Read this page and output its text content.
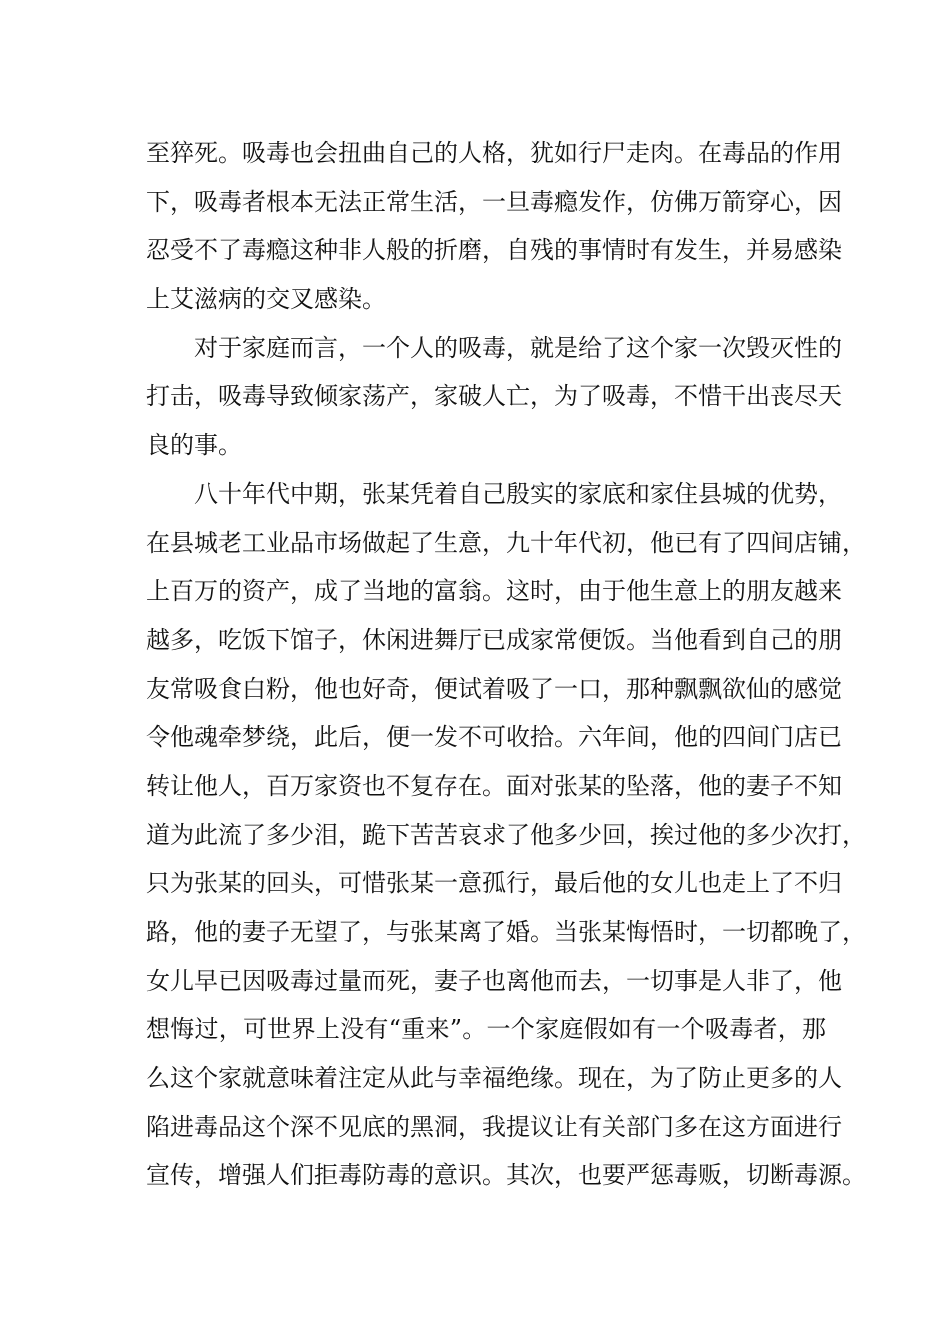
至猝死。吸毒也会扭曲自己的人格，犹如行尸走肉。在毒品的作用
下，吸毒者根本无法正常生活，一旦毒瘾发作，仿佛万箭穿心，因
忍受不了毒瘾这种非人般的折磨，自残的事情时有发生，并易感染
上艾滋病的交叉感染。
对于家庭而言，一个人的吸毒，就是给了这个家一次毁灭性的
打击，吸毒导致倾家荡产，家破人亡，为了吸毒，不惜干出丧尽天
良的事。
八十年代中期，张某凭着自己殷实的家底和家住县城的优势，
在县城老工业品市场做起了生意，九十年代初，他已有了四间店铺，
上百万的资产，成了当地的富翁。这时，由于他生意上的朋友越来
越多，吃饭下馆子，休闲进舞厅已成家常便饭。当他看到自己的朋
友常吸食白粉，他也好奇，便试着吸了一口，那种飘飘欲仙的感觉
令他魂牵梦绕，此后，便一发不可收拾。六年间，他的四间门店已
转让他人，百万家资也不复存在。面对张某的坠落，他的妻子不知
道为此流了多少泪，跪下苦苦哀求了他多少回，挨过他的多少次打，
只为张某的回头，可惜张某一意孤行，最后他的女儿也走上了不归
路，他的妻子无望了，与张某离了婚。当张某悔悟时，一切都晚了，
女儿早已因吸毒过量而死，妻子也离他而去，一切事是人非了，他
想悔过，可世界上没有“重来”。一个家庭假如有一个吸毒者，那
么这个家就意味着注定从此与幸福绝缘。现在，为了防止更多的人
陷进毒品这个深不见底的黑洞，我提议让有关部门多在这方面进行
宣传，增强人们拒毒防毒的意识。其次，也要严惩毒贩，切断毒源。
